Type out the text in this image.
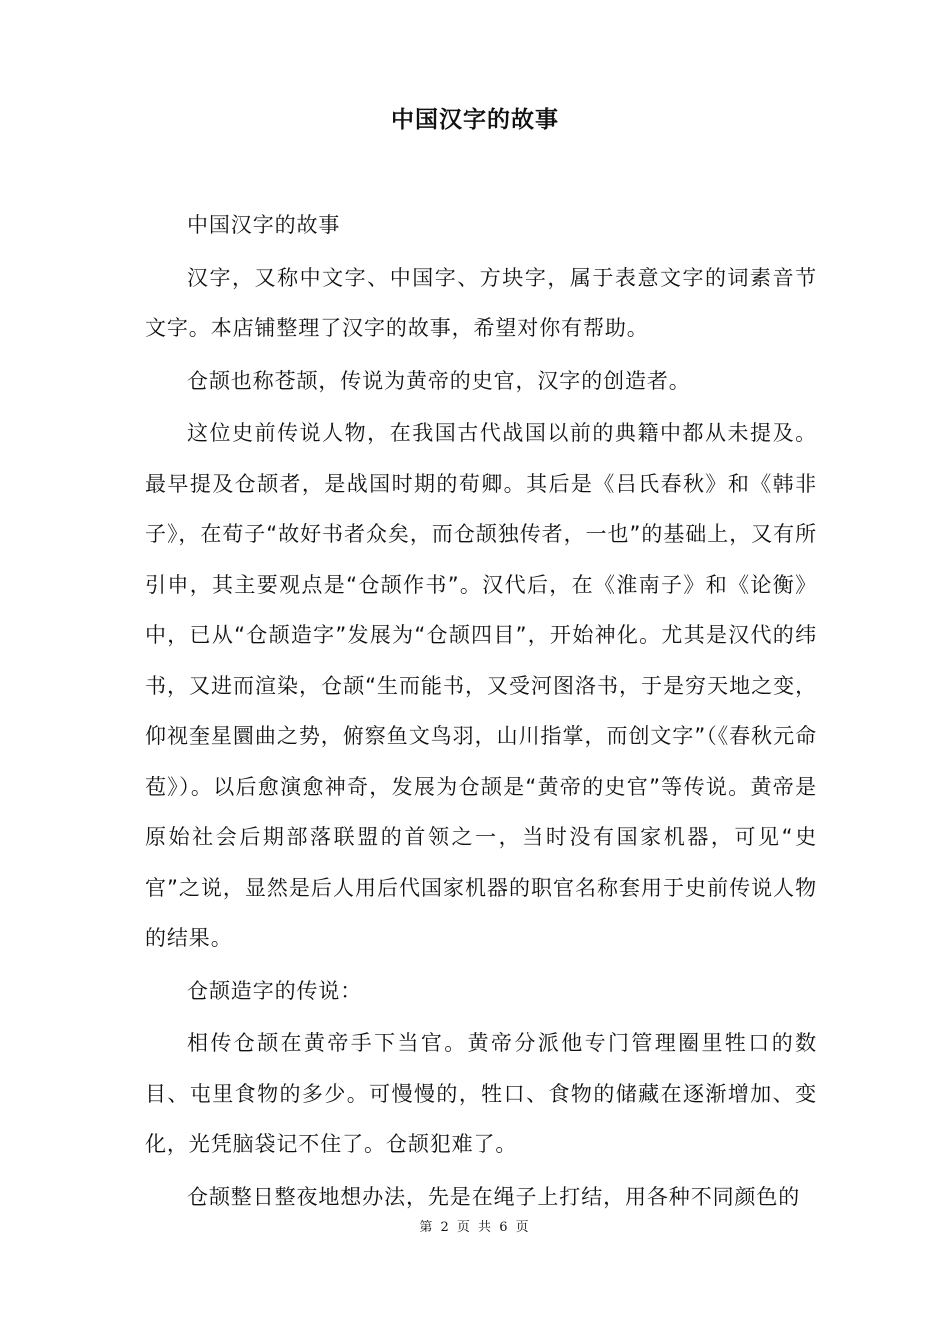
中国汉字的故事

中国汉字的故事

汉字，又称中文字、中国字、方块字，属于表意文字的词素音节文字。本店铺整理了汉字的故事，希望对你有帮助。

仓颉也称苍颉，传说为黄帝的史官，汉字的创造者。

这位史前传说人物，在我国古代战国以前的典籍中都从未提及。最早提及仓颉者，是战国时期的荀卿。其后是《吕氏春秋》和《韩非子》，在荀子“故好书者众矣，而仓颉独传者，一也”的基础上，又有所引申，其主要观点是“仓颉作书”。汉代后，在《淮南子》和《论衡》中，已从“仓颉造字”发展为“仓颉四目”，开始神化。尤其是汉代的纬书，又进而渲染，仓颉“生而能书，又受河图洛书，于是穷天地之变，仰视奎星圜曲之势，俯察鱼文鸟羽，山川指掌，而创文字”（《春秋元命苞》）。以后愈演愈神奇，发展为仓颉是“黄帝的史官”等传说。黄帝是原始社会后期部落联盟的首领之一，当时没有国家机器，可见“史官”之说，显然是后人用后代国家机器的职官名称套用于史前传说人物的结果。

仓颉造字的传说：

相传仓颉在黄帝手下当官。黄帝分派他专门管理圈里牲口的数目、屯里食物的多少。可慢慢的，牲口、食物的储藏在逐渐增加、变化，光凭脑袋记不住了。仓颉犯难了。

仓颉整日整夜地想办法，先是在绳子上打结，用各种不同颜色的

第 2 页 共 6 页
